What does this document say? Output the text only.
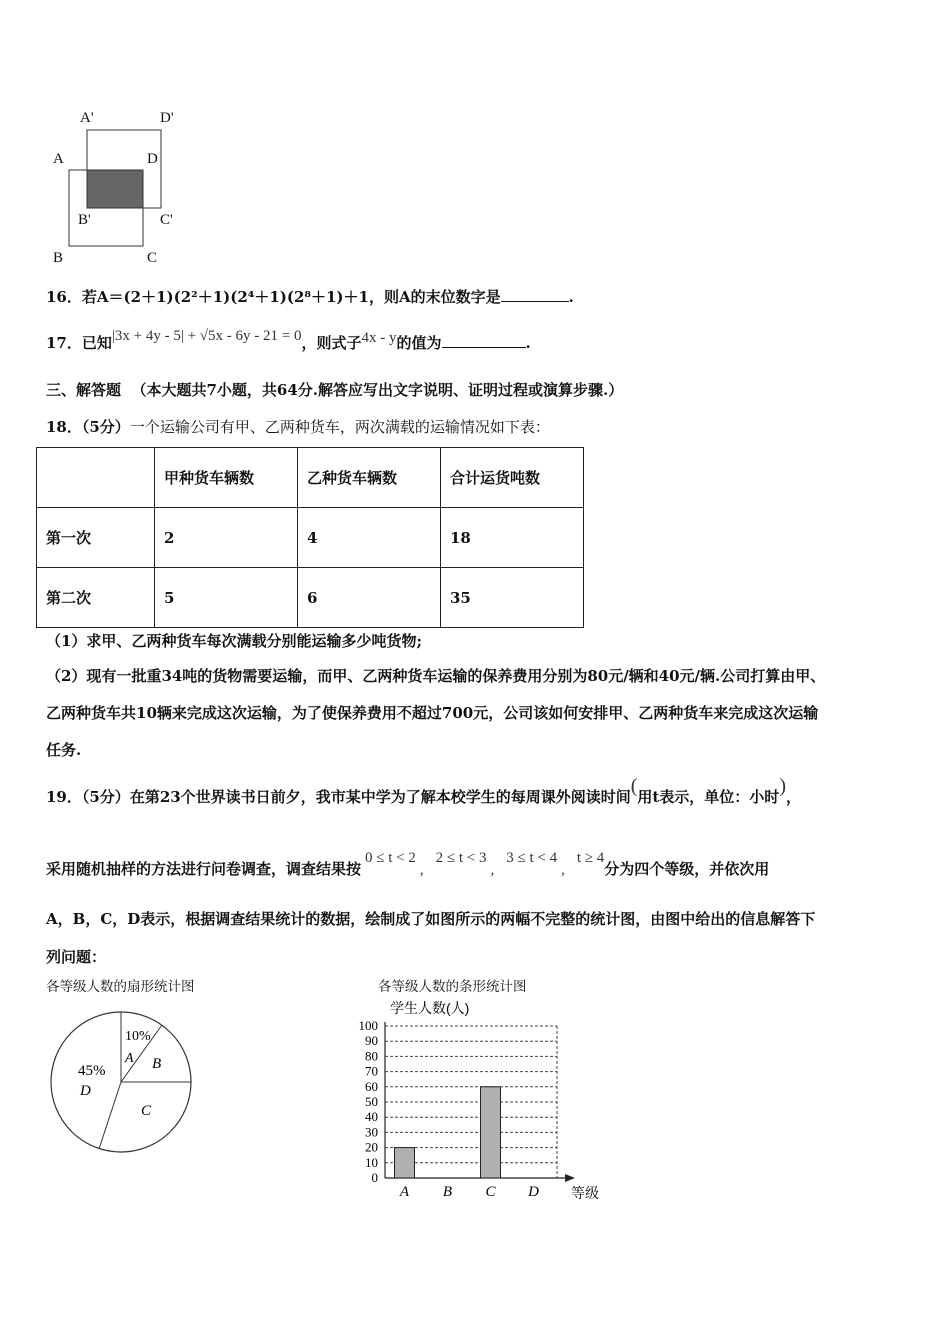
A'	D'
A	D
B'	C'
B	C
16．若A＝(2＋1)(2²＋1)(2⁴＋1)(2⁸＋1)＋1，则A的末位数字是	.
17．已知|3x + 4y - 5| + √5x - 6y - 21 = 0，则式子4x - y的值为	.
三、解答题 （本大题共7小题，共64分.解答应写出文字说明、证明过程或演算步骤.）
18．（5分）一个运输公司有甲、乙两种货车，两次满载的运输情况如下表：
	甲种货车辆数	乙种货车辆数	合计运货吨数
第一次	2	4	18
第二次	5	6	35
（1）求甲、乙两种货车每次满载分别能运输多少吨货物;
（2）现有一批重34吨的货物需要运输，而甲、乙两种货车运输的保养费用分别为80元/辆和40元/辆.公司打算由甲、
乙两种货车共10辆来完成这次运输，为了使保养费用不超过700元，公司该如何安排甲、乙两种货车来完成这次运输
任务.
19．（5分）在第23个世界读书日前夕，我市某中学为了解本校学生的每周课外阅读时间(用t表示，单位：小时)，
采用随机抽样的方法进行问卷调查，调查结果按0 ≤ t < 2,2 ≤ t < 3,3 ≤ t < 4,t ≥ 4分为四个等级，并依次用
A，B，C，D表示，根据调查结果统计的数据，绘制成了如图所示的两幅不完整的统计图，由图中给出的信息解答下
列问题：
各等级人数的扇形统计图
10%
A B
C
45%
D
各等级人数的条形统计图
学生人数(人)
0
10
20
30
40
50
60
70
80
90
100
A B C D 等级
